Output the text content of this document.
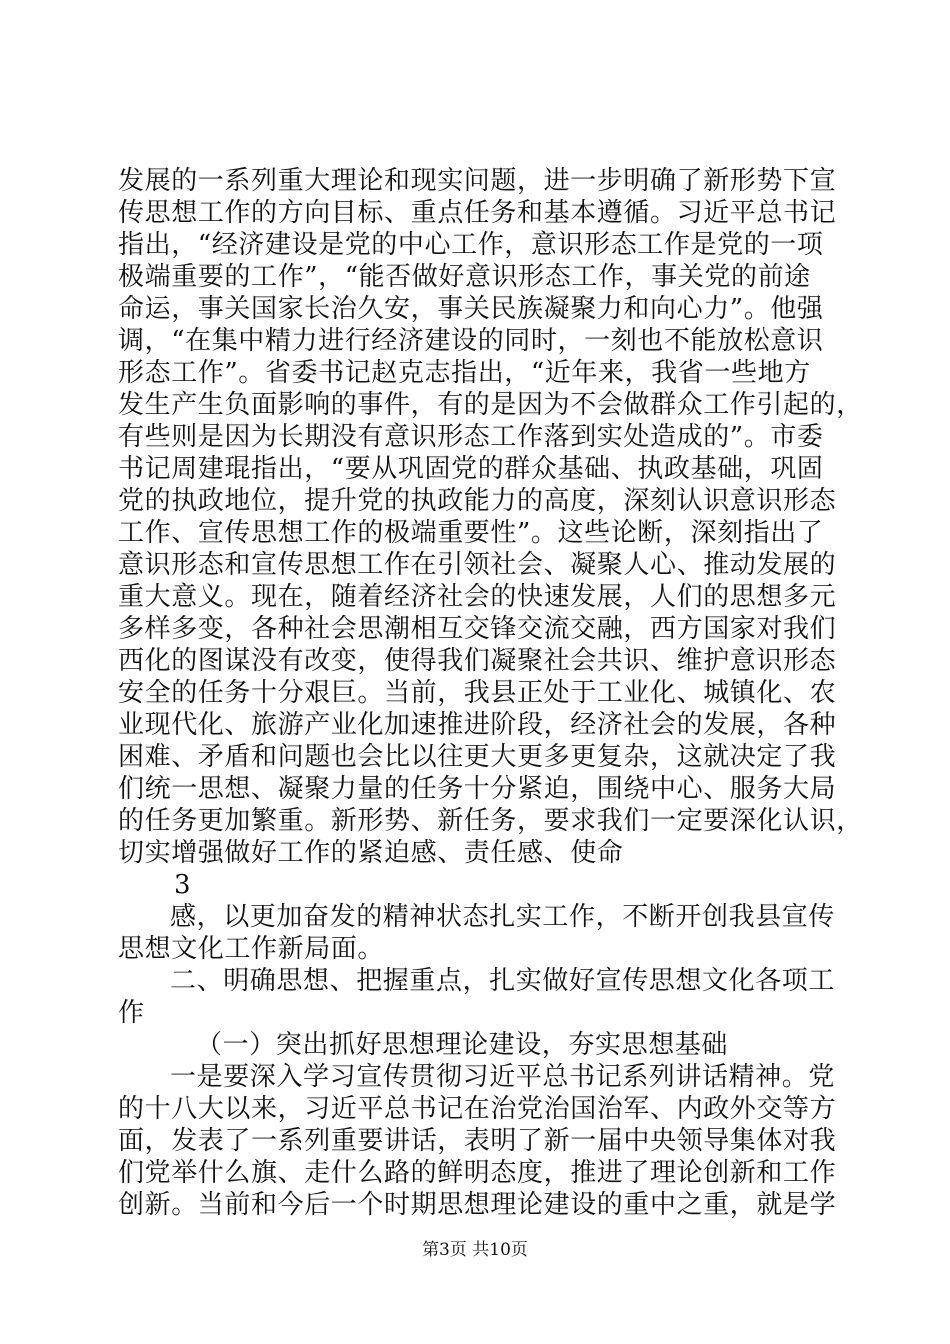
发展的一系列重大理论和现实问题，进一步明确了新形势下宣
传思想工作的方向目标、重点任务和基本遵循。习近平总书记
指出，“经济建设是党的中心工作，意识形态工作是党的一项
极端重要的工作”，“能否做好意识形态工作，事关党的前途
命运，事关国家长治久安，事关民族凝聚力和向心力”。他强
调，“在集中精力进行经济建设的同时，一刻也不能放松意识
形态工作”。省委书记赵克志指出，“近年来，我省一些地方
发生产生负面影响的事件，有的是因为不会做群众工作引起的，
有些则是因为长期没有意识形态工作落到实处造成的”。市委
书记周建琨指出，“要从巩固党的群众基础、执政基础，巩固
党的执政地位，提升党的执政能力的高度，深刻认识意识形态
工作、宣传思想工作的极端重要性”。这些论断，深刻指出了
意识形态和宣传思想工作在引领社会、凝聚人心、推动发展的
重大意义。现在，随着经济社会的快速发展，人们的思想多元
多样多变，各种社会思潮相互交锋交流交融，西方国家对我们
西化的图谋没有改变，使得我们凝聚社会共识、维护意识形态
安全的任务十分艰巨。当前，我县正处于工业化、城镇化、农
业现代化、旅游产业化加速推进阶段，经济社会的发展，各种
困难、矛盾和问题也会比以往更大更多更复杂，这就决定了我
们统一思想、凝聚力量的任务十分紧迫，围绕中心、服务大局
的任务更加繁重。新形势、新任务，要求我们一定要深化认识，
切实增强做好工作的紧迫感、责任感、使命
3
感，以更加奋发的精神状态扎实工作，不断开创我县宣传
思想文化工作新局面。
二、明确思想、把握重点，扎实做好宣传思想文化各项工
作
（一）突出抓好思想理论建设，夯实思想基础
一是要深入学习宣传贯彻习近平总书记系列讲话精神。党
的十八大以来，习近平总书记在治党治国治军、内政外交等方
面，发表了一系列重要讲话，表明了新一届中央领导集体对我
们党举什么旗、走什么路的鲜明态度，推进了理论创新和工作
创新。当前和今后一个时期思想理论建设的重中之重，就是学
第3页 共10页
